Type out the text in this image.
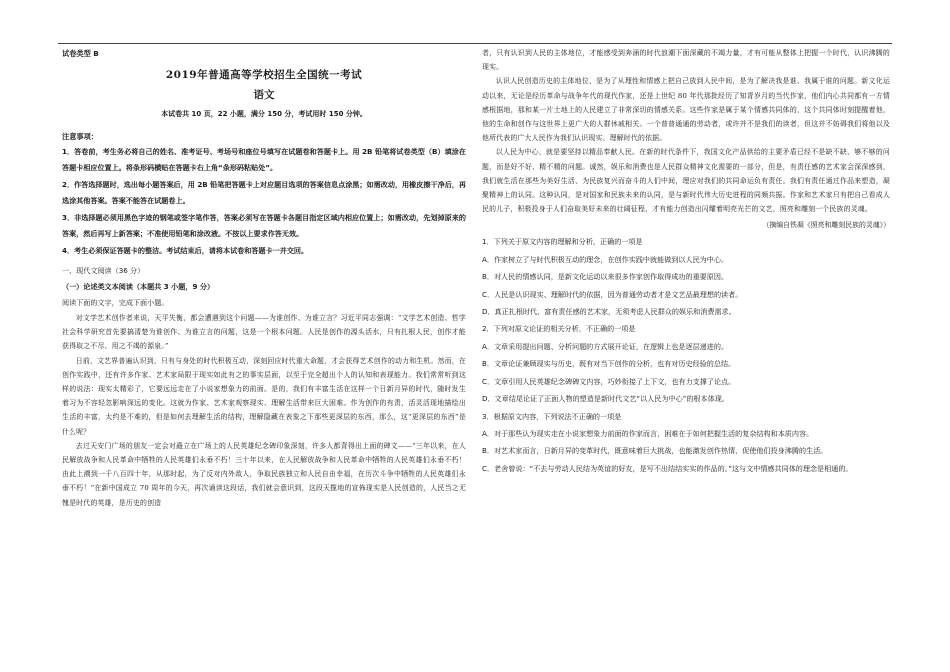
试卷类型 B
2019年普通高等学校招生全国统一考试
语文
本试卷共 10 页，22 小题，满分 150 分，考试用时 150 分钟。
注意事项：
1．答卷前，考生务必将自己的姓名、准考证号、考场号和座位号填写在试题卷和答题卡上。用 2B 铅笔将试卷类型（B）填涂在答题卡相应位置上。将条形码横贴在答题卡右上角“条形码粘贴处”。
2．作答选择题时，选出每小题答案后，用 2B 铅笔把答题卡上对应题目选项的答案信息点涂黑；如需改动，用橡皮擦干净后，再选涂其他答案。答案不能答在试题卷上。
3．非选择题必须用黑色字迹的钢笔或签字笔作答，答案必须写在答题卡各题目指定区域内相应位置上；如需改动，先划掉原来的答案，然后再写上新答案；不准使用铅笔和涂改液。不按以上要求作答无效。
4．考生必须保证答题卡的整洁。考试结束后，请将本试卷和答题卡一并交回。
一、现代文阅读（36 分）
（一）论述类文本阅读（本题共 3 小题，9 分）
阅读下面的文字，完成下面小题。

对文学艺术创作者来说，天平失衡，都会遭遇到这个问题——为谁创作、为谁立言？习近平同志强调：“文学艺术创造、哲学社会科学研究首先要搞清楚为谁创作、为谁立言的问题，这是一个根本问题。人民是创作的源头活水，只有扎根人民，创作才能获得取之不尽、用之不竭的源泉。”

日前，文艺界普遍认识到，只有与身处的时代积极互动，深刻回应时代重大命题，才会获得艺术创作的动力和生机。然而，在创作实践中，还有许多作家、艺术家局限于现实如此有之的事实层面，以至于完全超出个人的认知和表现能力。我们常常听到这样的说法：现实太精彩了，它要远远走在了小说家想象力的前面。是的，我们有丰富生活在这样一个日新月异的时代，随时发生着习为不容轻忽影响深远的变化。这就为作家、艺术家观察现实、理解生活带来巨大困难。作为创作的有责，活灵活现地描绘出生活的丰富，太约是不难的，但是如何去理解生活的结构，理解隐藏在表象之下那些更深层的东西，那么，这“更深层的东西”是什么呢？

去过天安门广场的朋友一定会对矗立在广场上的人民英雄纪念碑印象深刻，许多人都背得出上面的碑文——“三年以来，在人民解放战争和人民革命中牺牲的人民英雄们永垂不朽！三十年以来，在人民解放战争和人民革命中牺牲的人民英雄们永垂不朽！由此上溯到一千八百四十年，从那时起，为了反对内外敌人，争取民族独立和人民自由幸福，在历次斗争中牺牲的人民英雄们永垂不朽！”在新中国成立 70 周年的今天，再次诵读这段话，我们就会意识到，这段天揽地的宣佈现实是人民创造的，人民当之无愧是时代的英雄，是历史的创造

者，只有认识到人民的主体地位，才能感受到奔涌的时代浪潮下面深藏的不竭力量，才有可能从整体上把握一个时代，认识沸腾的现实。

认识人民创造历史的主体地位，是为了从理性和情感上把自己放到人民中间，是为了解决我是谁、我属于谁的问题。新文化运动以来，无论是经历革命与战争年代的现代作家，还是上世纪 80 年代那批经历了知青岁月的当代作家，他们内心共同都有一方情感根据地，那和某一片土地上的人民建立了非常深切的情感关系。这些作家是属于某个情感共同体的，这个共同体时刻提醒着他，他的生命和创作与这世界上更广大的人群休戚相关。一个普普通通的劳动者，或许并不是我们的读者，但这并不妨碍我们将他以及他所代表的广大人民作为我们认识现实、理解时代的依据。

以人民为中心，就是要坚持以精品奉献人民。在新的时代条件下，我国文化产品供给的主要矛盾已经不是缺不缺、够不够的问题，而是好不好、精不精的问题。诚然，娱乐和消费也是人民群众精神文化需要的一部分，但是，有责任感的艺术家会深深感到，我们就生活在那些为美好生活、为民族复兴而奋斗的人们中间，理应对我们的共同命运负有责任。我们有责任通过作品来塑造，凝聚精神上的认同。这种认同，是对国家和民族未来的认同，是与新时代伟大历史进程的同频共振。作家和艺术家只有把自己看成人民的儿子，积极投身于人们奋取美好未来的壮阔征程，才有能力创造出闪耀着明亮光芒的文艺，照亮和雕刻一个民族的灵魂。

（摘编自铁凝《照亮和雕刻民族的灵魂》）
1．下列关于原文内容的理解和分析，正确的一项是
A．作家树立了与时代积极互动的理念，在创作实践中就能做到以人民为中心。
B．对人民的情感认同，是新文化运动以来很多作家创作取得成功的重要原因。
C．人民是认识现实、理解时代的依据，因为普通劳动者才是文艺品最理想的读者。
D．真正扎根时代、富有责任感的艺术家，无须考虑人民群众的娱乐和消费需求。
2．下列对原文论证的相关分析，不正确的一项是
A．文章采用提出问题、分析问题的方式展开论证，在逻辑上也是逐层递进的。
B．文章论证兼顾现实与历史，既有对当下创作的分析，也有对历史经验的总结。
C．文章引用人民英雄纪念碑碑文内容，巧妙衔接了上下文，也有力支撑了论点。
D．文章结尾论证了正面人物的塑造是新时代文艺“以人民为中心”的根本体现。
3．根据原文内容，下列说法不正确的一项是
A．对于那些认为现实走在小说家想象力前面的作家而言，困难在于如何把握生活的复杂结构和本质内容。
B．对艺术家而言，日新月异的变革时代，既意味着巨大挑战，也能激发创作热情，促使他们投身沸腾的生活。
C．老舍曾说：“不去与劳动人民结为英谊的好友，是写不出结结实实的作品的。”这与文中情感共同体的理念是相通的。
